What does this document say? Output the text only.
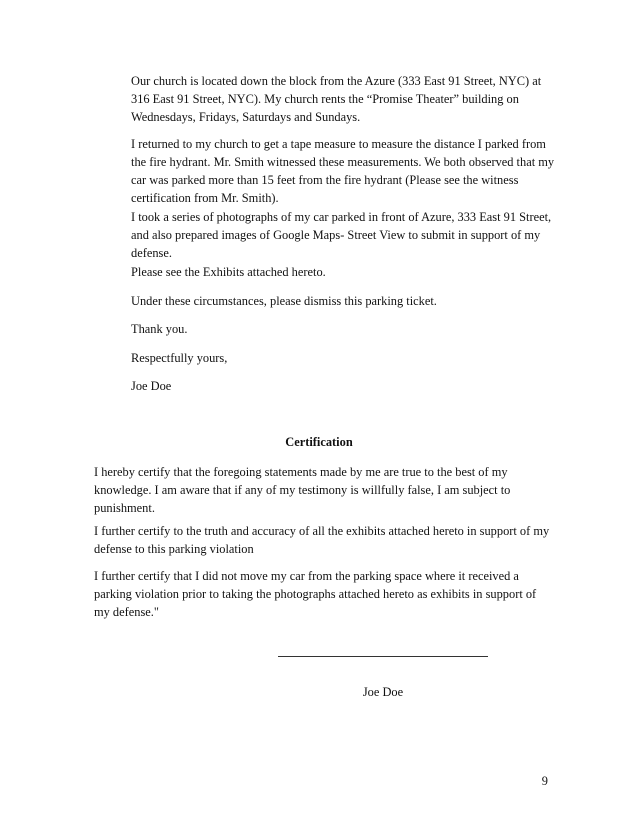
Our church is located down the block from the Azure (333 East 91 Street, NYC) at 316 East 91 Street, NYC). My church rents the “Promise Theater” building on Wednesdays, Fridays, Saturdays and Sundays.

I returned to my church to get a tape measure to measure the distance I parked from the fire hydrant. Mr. Smith witnessed these measurements. We both observed that my car was parked more than 15 feet from the fire hydrant (Please see the witness certification from Mr. Smith).

I took a series of photographs of my car parked in front of Azure, 333 East 91 Street, and also prepared images of Google Maps- Street View to submit in support of my defense.

Please see the Exhibits attached hereto.

Under these circumstances, please dismiss this parking ticket.

Thank you.

Respectfully yours,

Joe Doe

Certification

I hereby certify that the foregoing statements made by me are true to the best of my knowledge. I am aware that if any of my testimony is willfully false, I am subject to punishment.

I further certify to the truth and accuracy of all the exhibits attached hereto in support of my defense to this parking violation

I further certify that I did not move my car from the parking space where it received a parking violation prior to taking the photographs attached hereto as exhibits in support of my defense."

Joe Doe
9
